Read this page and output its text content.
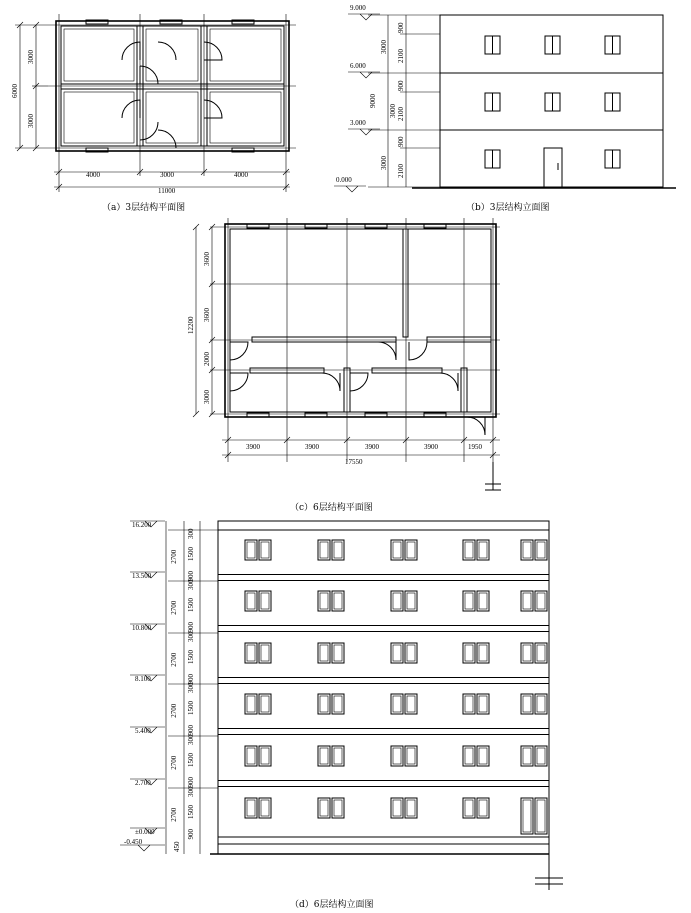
4000	3000	4000
11000
3000
3000
6000
（a）3层结构平面图
9.000
6.000
3.000
0.000
900
2100
900
2100
900
2100
3000
3000
3000
9000
（b）3层结构立面图
3900	3900	3900	3900	1950
17550
3600
3600
2000
3000
12200
（c）6层结构平面图
2700
300
1500
900
2700
300
1500
900
2700
300
1500
900
2700
300
1500
900
2700
300
1500
900
2700
300
1500
900
16.200
13.500
10.800
8.100
5.400
2.700
±0.000
-0.450	450
（d）6层结构立面图
